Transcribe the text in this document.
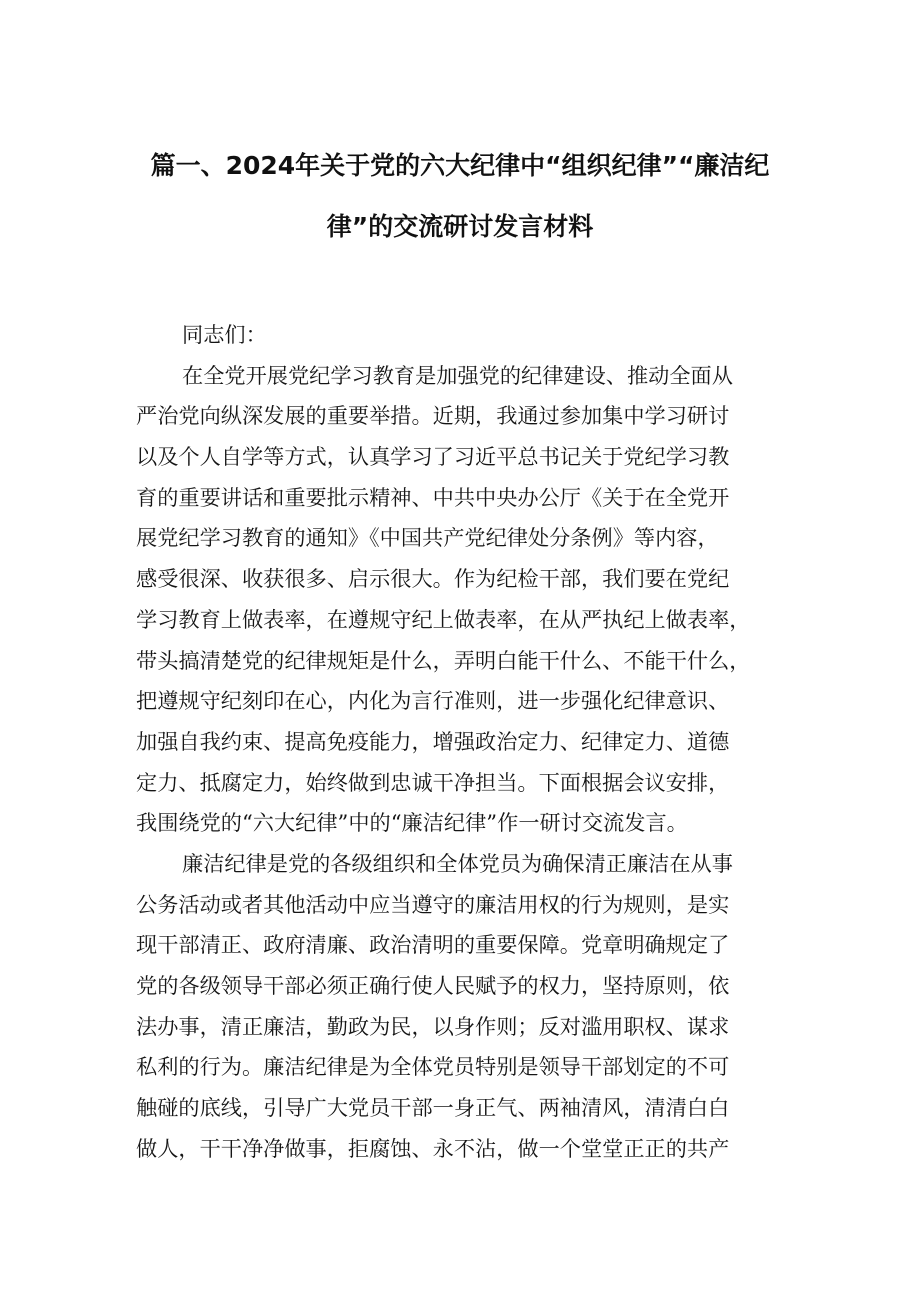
篇一、2024年关于党的六大纪律中“组织纪律”“廉洁纪
律”的交流研讨发言材料
同志们：
在全党开展党纪学习教育是加强党的纪律建设、推动全面从
严治党向纵深发展的重要举措。近期，我通过参加集中学习研讨
以及个人自学等方式，认真学习了习近平总书记关于党纪学习教
育的重要讲话和重要批示精神、中共中央办公厅《关于在全党开
展党纪学习教育的通知》《中国共产党纪律处分条例》等内容，
感受很深、收获很多、启示很大。作为纪检干部，我们要在党纪
学习教育上做表率，在遵规守纪上做表率，在从严执纪上做表率，
带头搞清楚党的纪律规矩是什么，弄明白能干什么、不能干什么，
把遵规守纪刻印在心，内化为言行准则，进一步强化纪律意识、
加强自我约束、提高免疫能力，增强政治定力、纪律定力、道德
定力、抵腐定力，始终做到忠诚干净担当。下面根据会议安排，
我围绕党的“六大纪律”中的“廉洁纪律”作一研讨交流发言。
廉洁纪律是党的各级组织和全体党员为确保清正廉洁在从事
公务活动或者其他活动中应当遵守的廉洁用权的行为规则，是实
现干部清正、政府清廉、政治清明的重要保障。党章明确规定了
党的各级领导干部必须正确行使人民赋予的权力，坚持原则，依
法办事，清正廉洁，勤政为民，以身作则；反对滥用职权、谋求
私利的行为。廉洁纪律是为全体党员特别是领导干部划定的不可
触碰的底线，引导广大党员干部一身正气、两袖清风，清清白白
做人，干干净净做事，拒腐蚀、永不沾，做一个堂堂正正的共产
